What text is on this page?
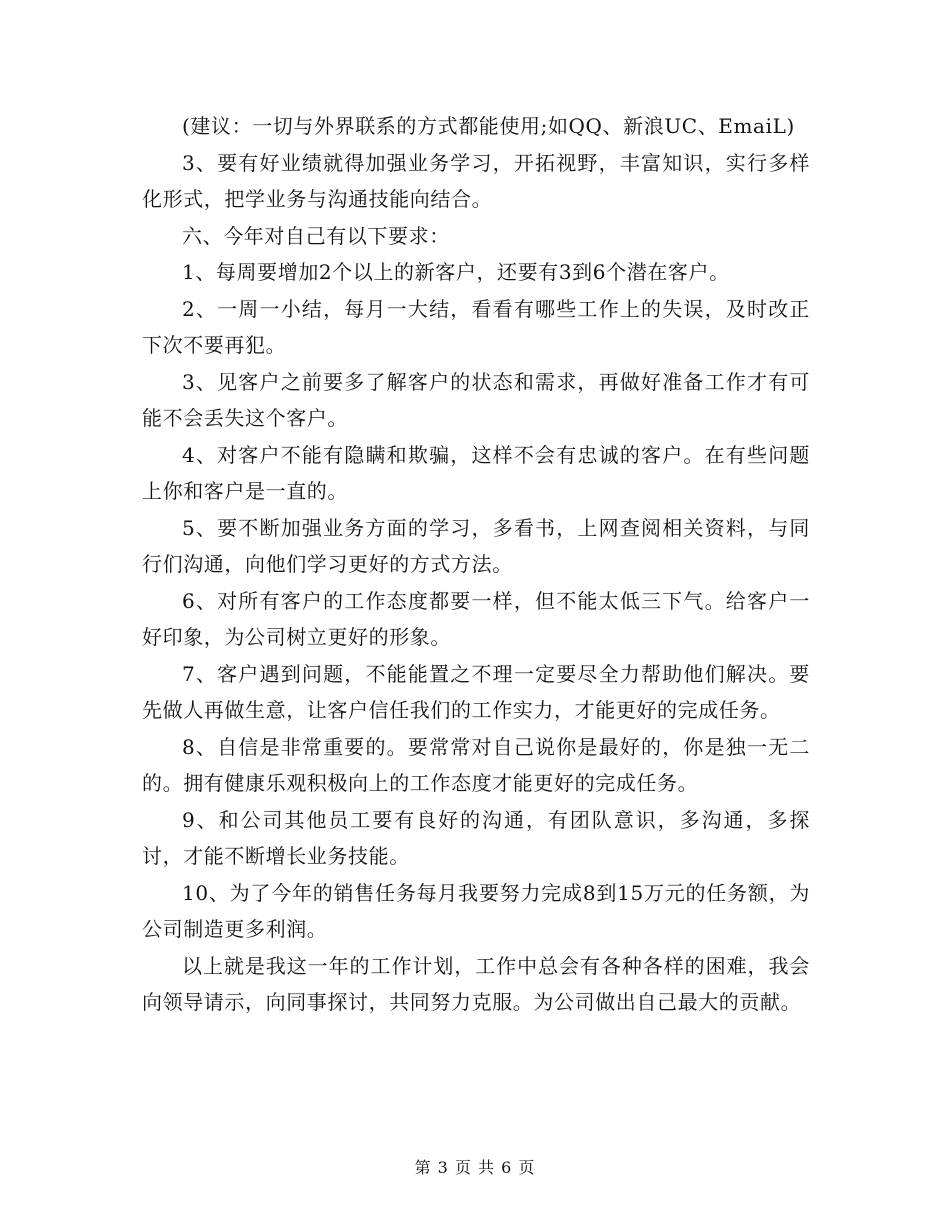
(建议：一切与外界联系的方式都能使用;如QQ、新浪UC、EmaiL)

3、要有好业绩就得加强业务学习，开拓视野，丰富知识，实行多样化形式，把学业务与沟通技能向结合。

六、今年对自己有以下要求：

1、每周要增加2个以上的新客户，还要有3到6个潜在客户。

2、一周一小结，每月一大结，看看有哪些工作上的失误，及时改正下次不要再犯。

3、见客户之前要多了解客户的状态和需求，再做好准备工作才有可能不会丢失这个客户。

4、对客户不能有隐瞒和欺骗，这样不会有忠诚的客户。在有些问题上你和客户是一直的。

5、要不断加强业务方面的学习，多看书，上网查阅相关资料，与同行们沟通，向他们学习更好的方式方法。

6、对所有客户的工作态度都要一样，但不能太低三下气。给客户一好印象，为公司树立更好的形象。

7、客户遇到问题，不能能置之不理一定要尽全力帮助他们解决。要先做人再做生意，让客户信任我们的工作实力，才能更好的完成任务。

8、自信是非常重要的。要常常对自己说你是最好的，你是独一无二的。拥有健康乐观积极向上的工作态度才能更好的完成任务。

9、和公司其他员工要有良好的沟通，有团队意识，多沟通，多探讨，才能不断增长业务技能。

10、为了今年的销售任务每月我要努力完成8到15万元的任务额，为公司制造更多利润。

以上就是我这一年的工作计划，工作中总会有各种各样的困难，我会向领导请示，向同事探讨，共同努力克服。为公司做出自己最大的贡献。

第 3 页 共 6 页
